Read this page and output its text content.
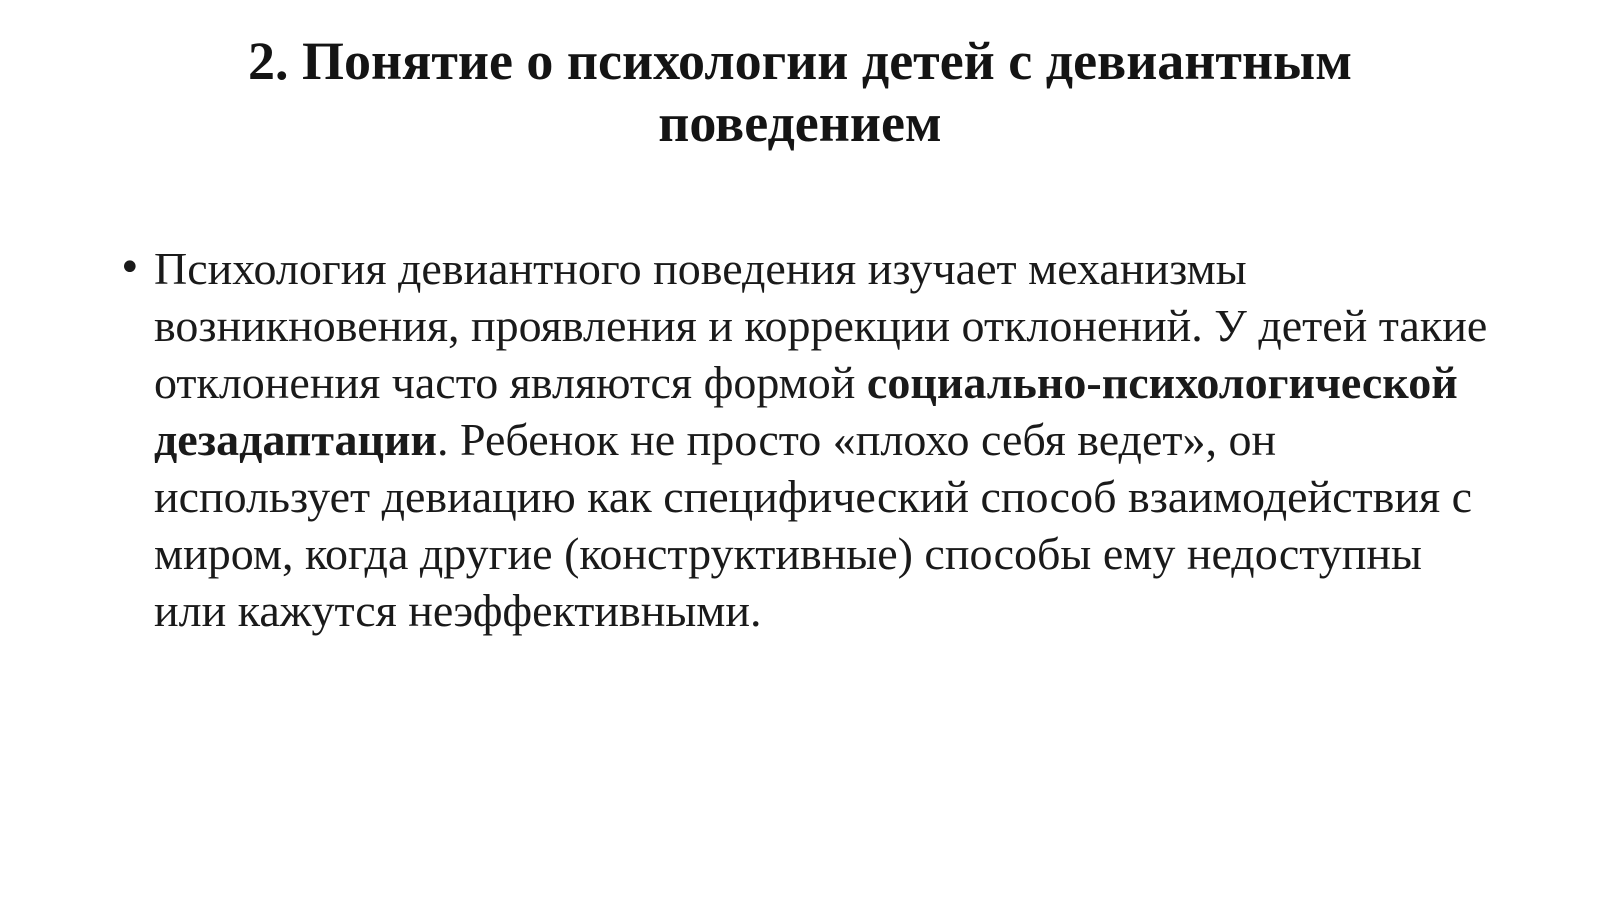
2. Понятие о психологии детей с девиантным поведением
• Психология девиантного поведения изучает механизмы возникновения, проявления и коррекции отклонений. У детей такие отклонения часто являются формой социально-психологической дезадаптации. Ребенок не просто «плохо себя ведет», он использует девиацию как специфический способ взаимодействия с миром, когда другие (конструктивные) способы ему недоступны или кажутся неэффективными.
